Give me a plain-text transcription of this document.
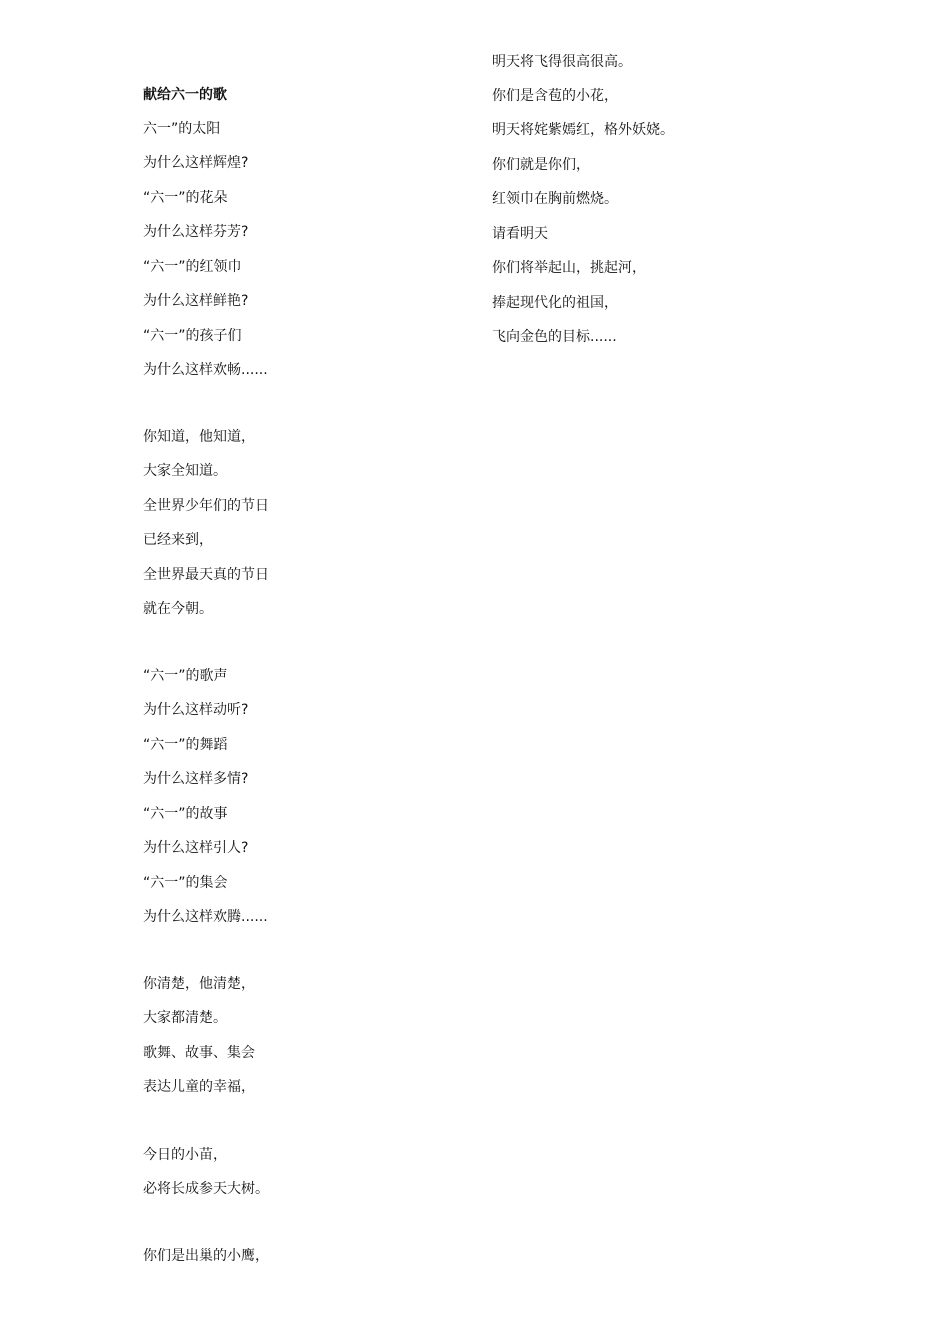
献给六一的歌
六一”的太阳
为什么这样辉煌?
“六一”的花朵
为什么这样芬芳?
“六一”的红领巾
为什么这样鲜艳?
“六一”的孩子们
为什么这样欢畅......
你知道，他知道，
大家全知道。
全世界少年们的节日
已经来到，
全世界最天真的节日
就在今朝。
“六一”的歌声
为什么这样动听?
“六一”的舞蹈
为什么这样多情?
“六一”的故事
为什么这样引人?
“六一”的集会
为什么这样欢腾......
你清楚，他清楚，
大家都清楚。
歌舞、故事、集会
表达儿童的幸福，
今日的小苗，
必将长成参天大树。
你们是出巢的小鹰，
明天将飞得很高很高。
你们是含苞的小花，
明天将姹紫嫣红，格外妖娆。
你们就是你们，
红领巾在胸前燃烧。
请看明天
你们将举起山，挑起河，
捧起现代化的祖国，
飞向金色的目标......
